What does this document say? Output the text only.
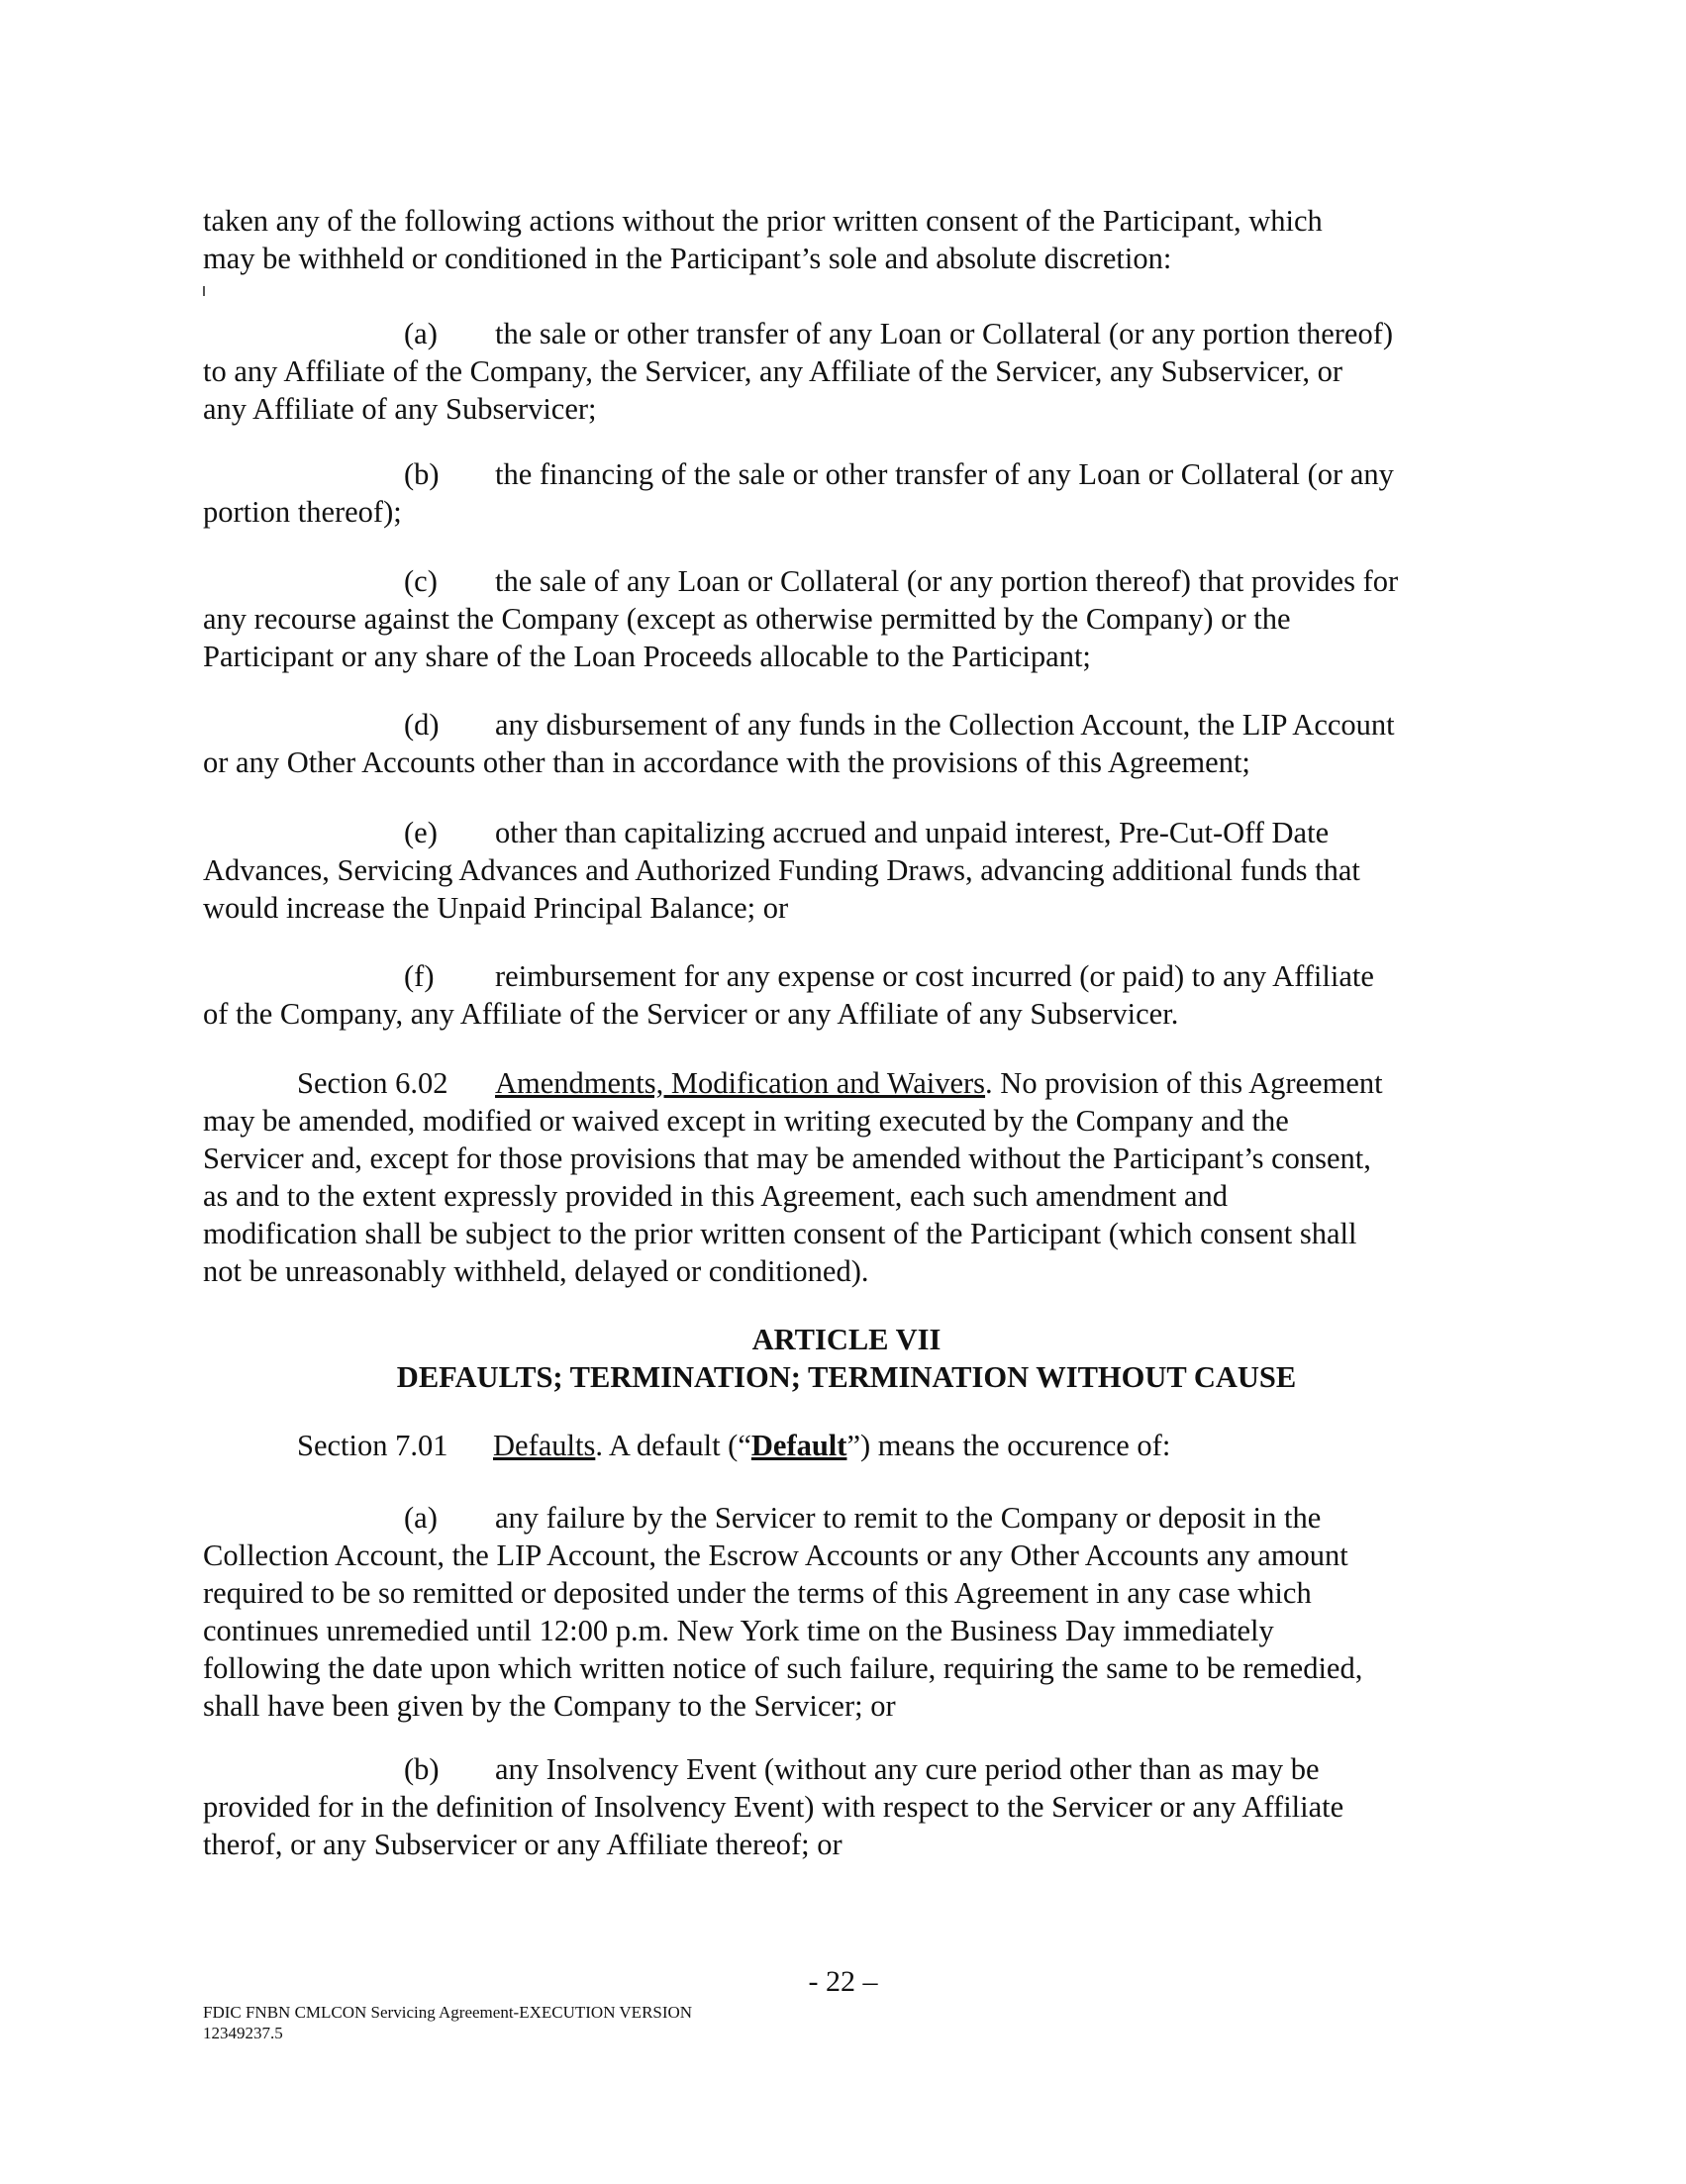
taken any of the following actions without the prior written consent of the Participant, which
may be withheld or conditioned in the Participant’s sole and absolute discretion:

(a) the sale or other transfer of any Loan or Collateral (or any portion thereof)
to any Affiliate of the Company, the Servicer, any Affiliate of the Servicer, any Subservicer, or
any Affiliate of any Subservicer;

(b) the financing of the sale or other transfer of any Loan or Collateral (or any
portion thereof);

(c) the sale of any Loan or Collateral (or any portion thereof) that provides for
any recourse against the Company (except as otherwise permitted by the Company) or the
Participant or any share of the Loan Proceeds allocable to the Participant;

(d) any disbursement of any funds in the Collection Account, the LIP Account
or any Other Accounts other than in accordance with the provisions of this Agreement;

(e) other than capitalizing accrued and unpaid interest, Pre-Cut-Off Date
Advances, Servicing Advances and Authorized Funding Draws, advancing additional funds that
would increase the Unpaid Principal Balance; or

(f) reimbursement for any expense or cost incurred (or paid) to any Affiliate
of the Company, any Affiliate of the Servicer or any Affiliate of any Subservicer.

Section 6.02 Amendments, Modification and Waivers. No provision of this Agreement
may be amended, modified or waived except in writing executed by the Company and the
Servicer and, except for those provisions that may be amended without the Participant’s consent,
as and to the extent expressly provided in this Agreement, each such amendment and
modification shall be subject to the prior written consent of the Participant (which consent shall
not be unreasonably withheld, delayed or conditioned).

ARTICLE VII
DEFAULTS; TERMINATION; TERMINATION WITHOUT CAUSE

Section 7.01 Defaults. A default (“Default”) means the occurence of:

(a) any failure by the Servicer to remit to the Company or deposit in the
Collection Account, the LIP Account, the Escrow Accounts or any Other Accounts any amount
required to be so remitted or deposited under the terms of this Agreement in any case which
continues unremedied until 12:00 p.m. New York time on the Business Day immediately
following the date upon which written notice of such failure, requiring the same to be remedied,
shall have been given by the Company to the Servicer; or

(b) any Insolvency Event (without any cure period other than as may be
provided for in the definition of Insolvency Event) with respect to the Servicer or any Affiliate
therof, or any Subservicer or any Affiliate thereof; or

- 22 –

FDIC FNBN CMLCON Servicing Agreement-EXECUTION VERSION

12349237.5
